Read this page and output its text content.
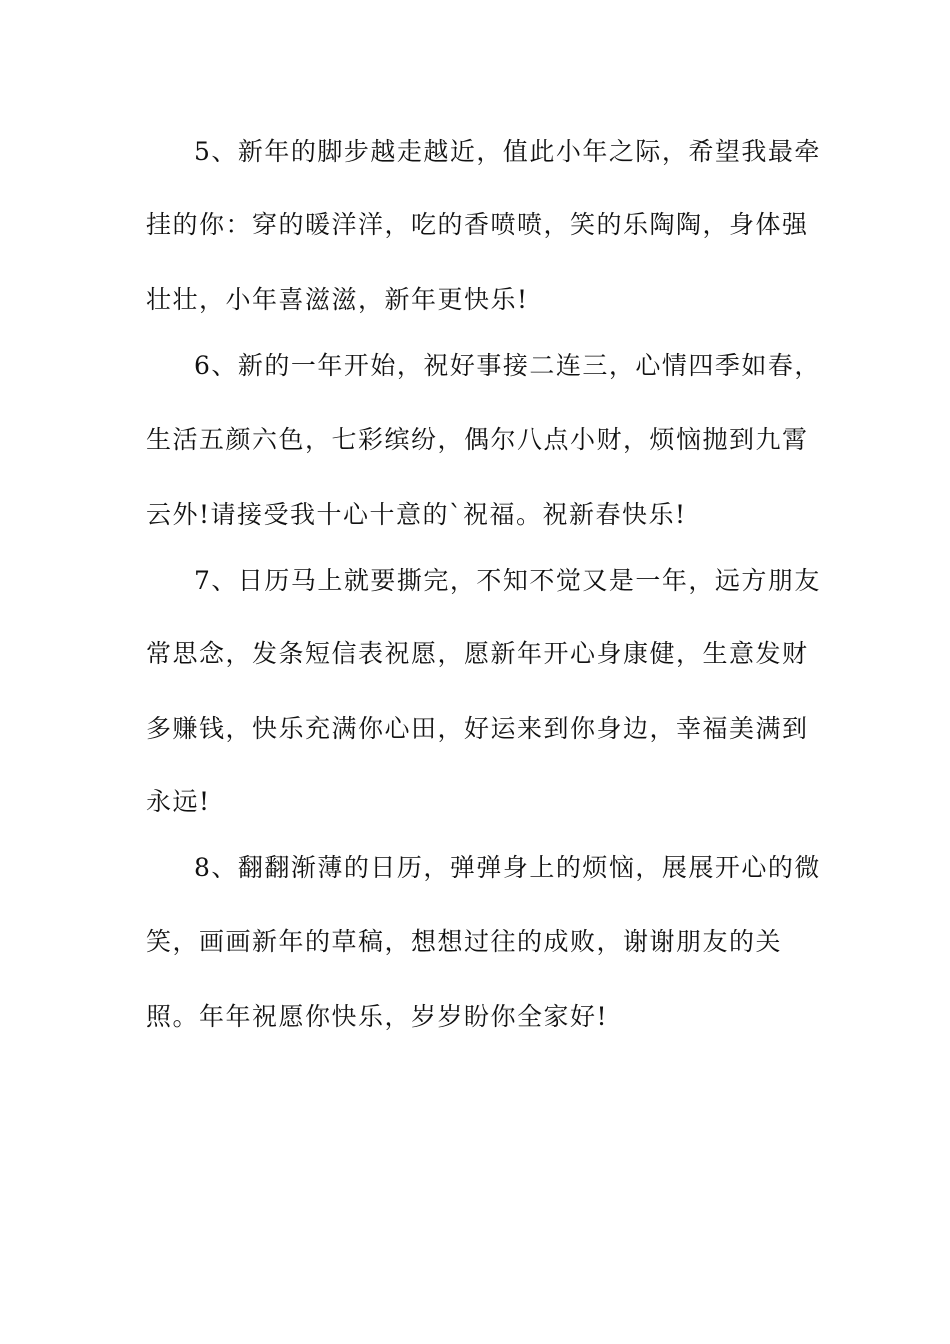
5、新年的脚步越走越近，值此小年之际，希望我最牵
挂的你：穿的暖洋洋，吃的香喷喷，笑的乐陶陶，身体强
壮壮，小年喜滋滋，新年更快乐!
6、新的一年开始，祝好事接二连三，心情四季如春，
生活五颜六色，七彩缤纷，偶尔八点小财，烦恼抛到九霄
云外!请接受我十心十意的`祝福。祝新春快乐!
7、日历马上就要撕完，不知不觉又是一年，远方朋友
常思念，发条短信表祝愿，愿新年开心身康健，生意发财
多赚钱，快乐充满你心田，好运来到你身边，幸福美满到
永远!
8、翻翻渐薄的日历，弹弹身上的烦恼，展展开心的微
笑，画画新年的草稿，想想过往的成败，谢谢朋友的关
照。年年祝愿你快乐，岁岁盼你全家好!
